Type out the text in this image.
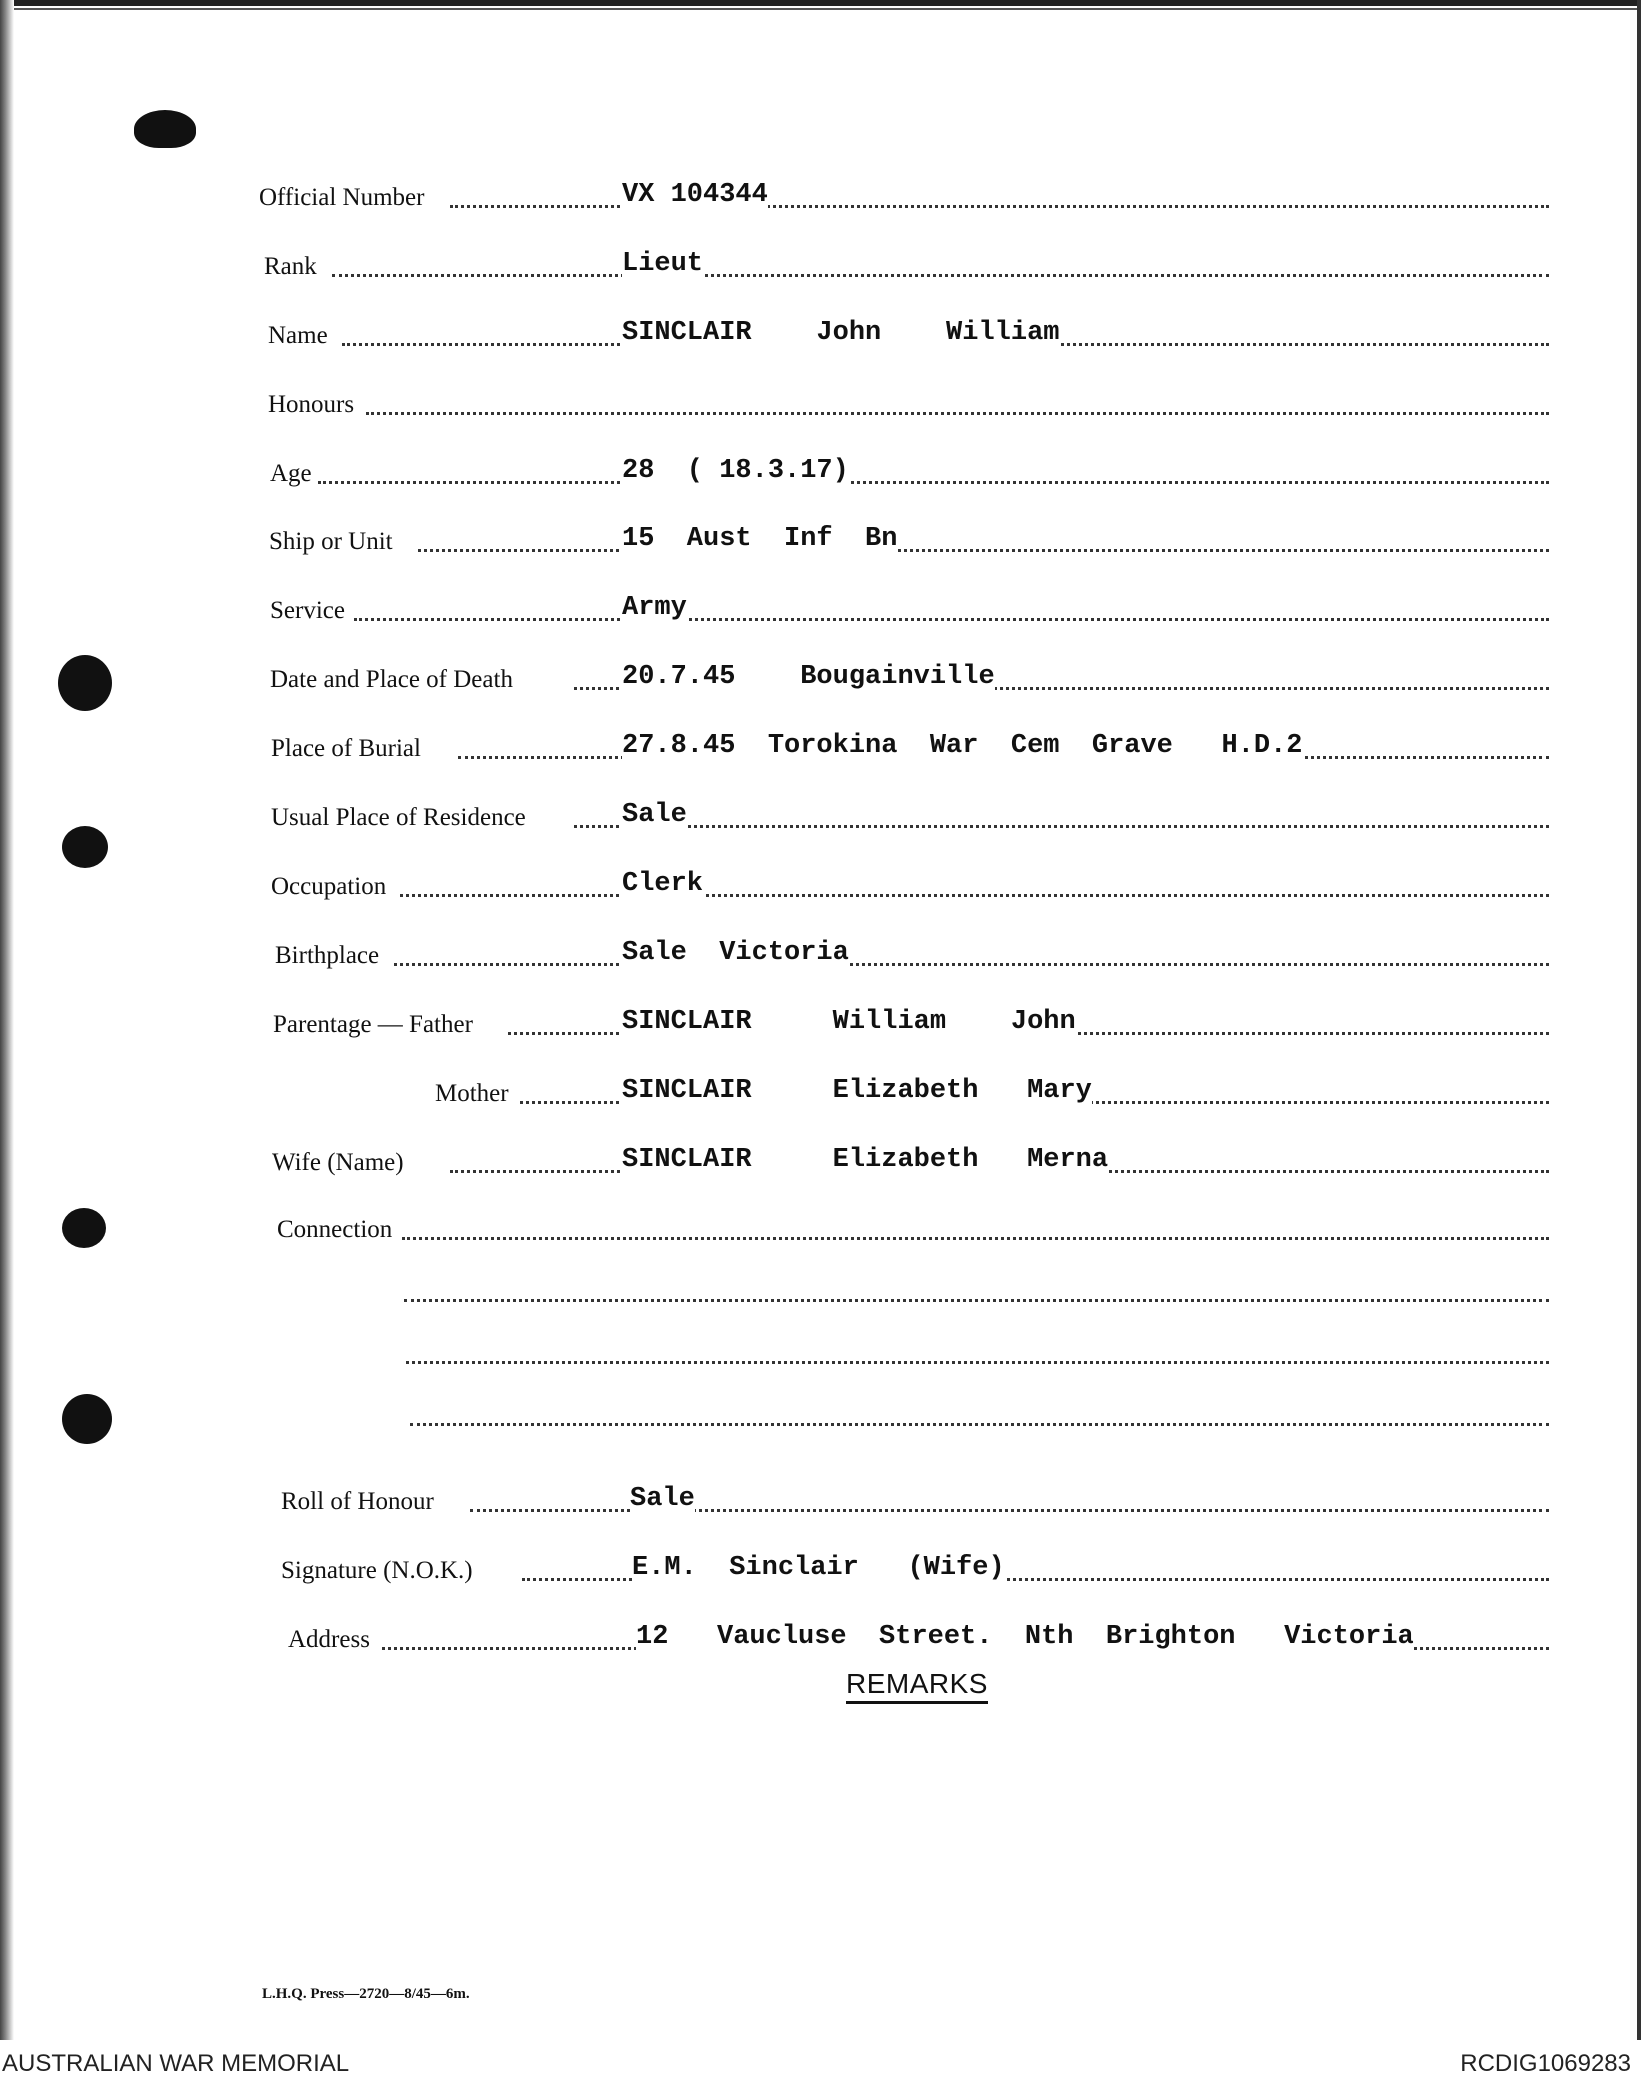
Official Number	VX 104344
Rank	Lieut
Name	SINCLAIR    John    William
Honours
Age	28  ( 18.3.17)
Ship or Unit	15  Aust  Inf  Bn
Service	Army
Date and Place of Death	20.7.45    Bougainville
Place of Burial	27.8.45  Torokina  War  Cem  Grave   H.D.2
Usual Place of Residence	Sale
Occupation	Clerk
Birthplace	Sale  Victoria
Parentage — Father	SINCLAIR     William    John
Mother	SINCLAIR     Elizabeth   Mary
Wife (Name)	SINCLAIR     Elizabeth   Merna
Connection
Roll of Honour	Sale
Signature (N.O.K.)	E.M.  Sinclair   (Wife)
Address	12   Vaucluse  Street.  Nth  Brighton   Victoria
REMARKS
L.H.Q. Press—2720—8/45—6m.
AUSTRALIAN WAR MEMORIAL	RCDIG1069283
